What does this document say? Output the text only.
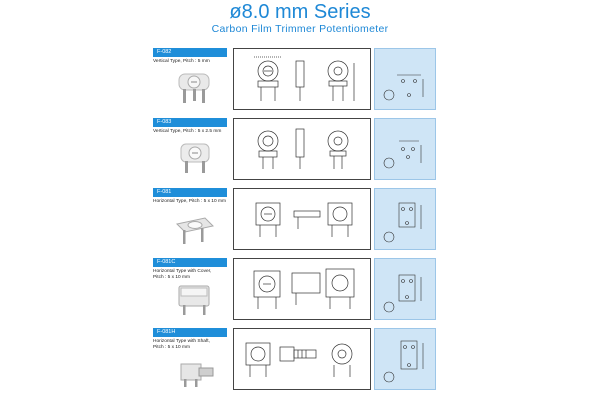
ø8.0 mm Series
Carbon Film Trimmer Potentiometer
F-082
Vertical Type, Pitch : 5 mm
F-083
Vertical Type, Pitch : 5 x 2.5 mm
F-081
Horizontal Type, Pitch : 5 x 10 mm
F-081C
Horizontal Type with Cover,
Pitch : 5 x 10 mm
F-081H
Horizontal Type with Shaft,
Pitch : 5 x 10 mm
